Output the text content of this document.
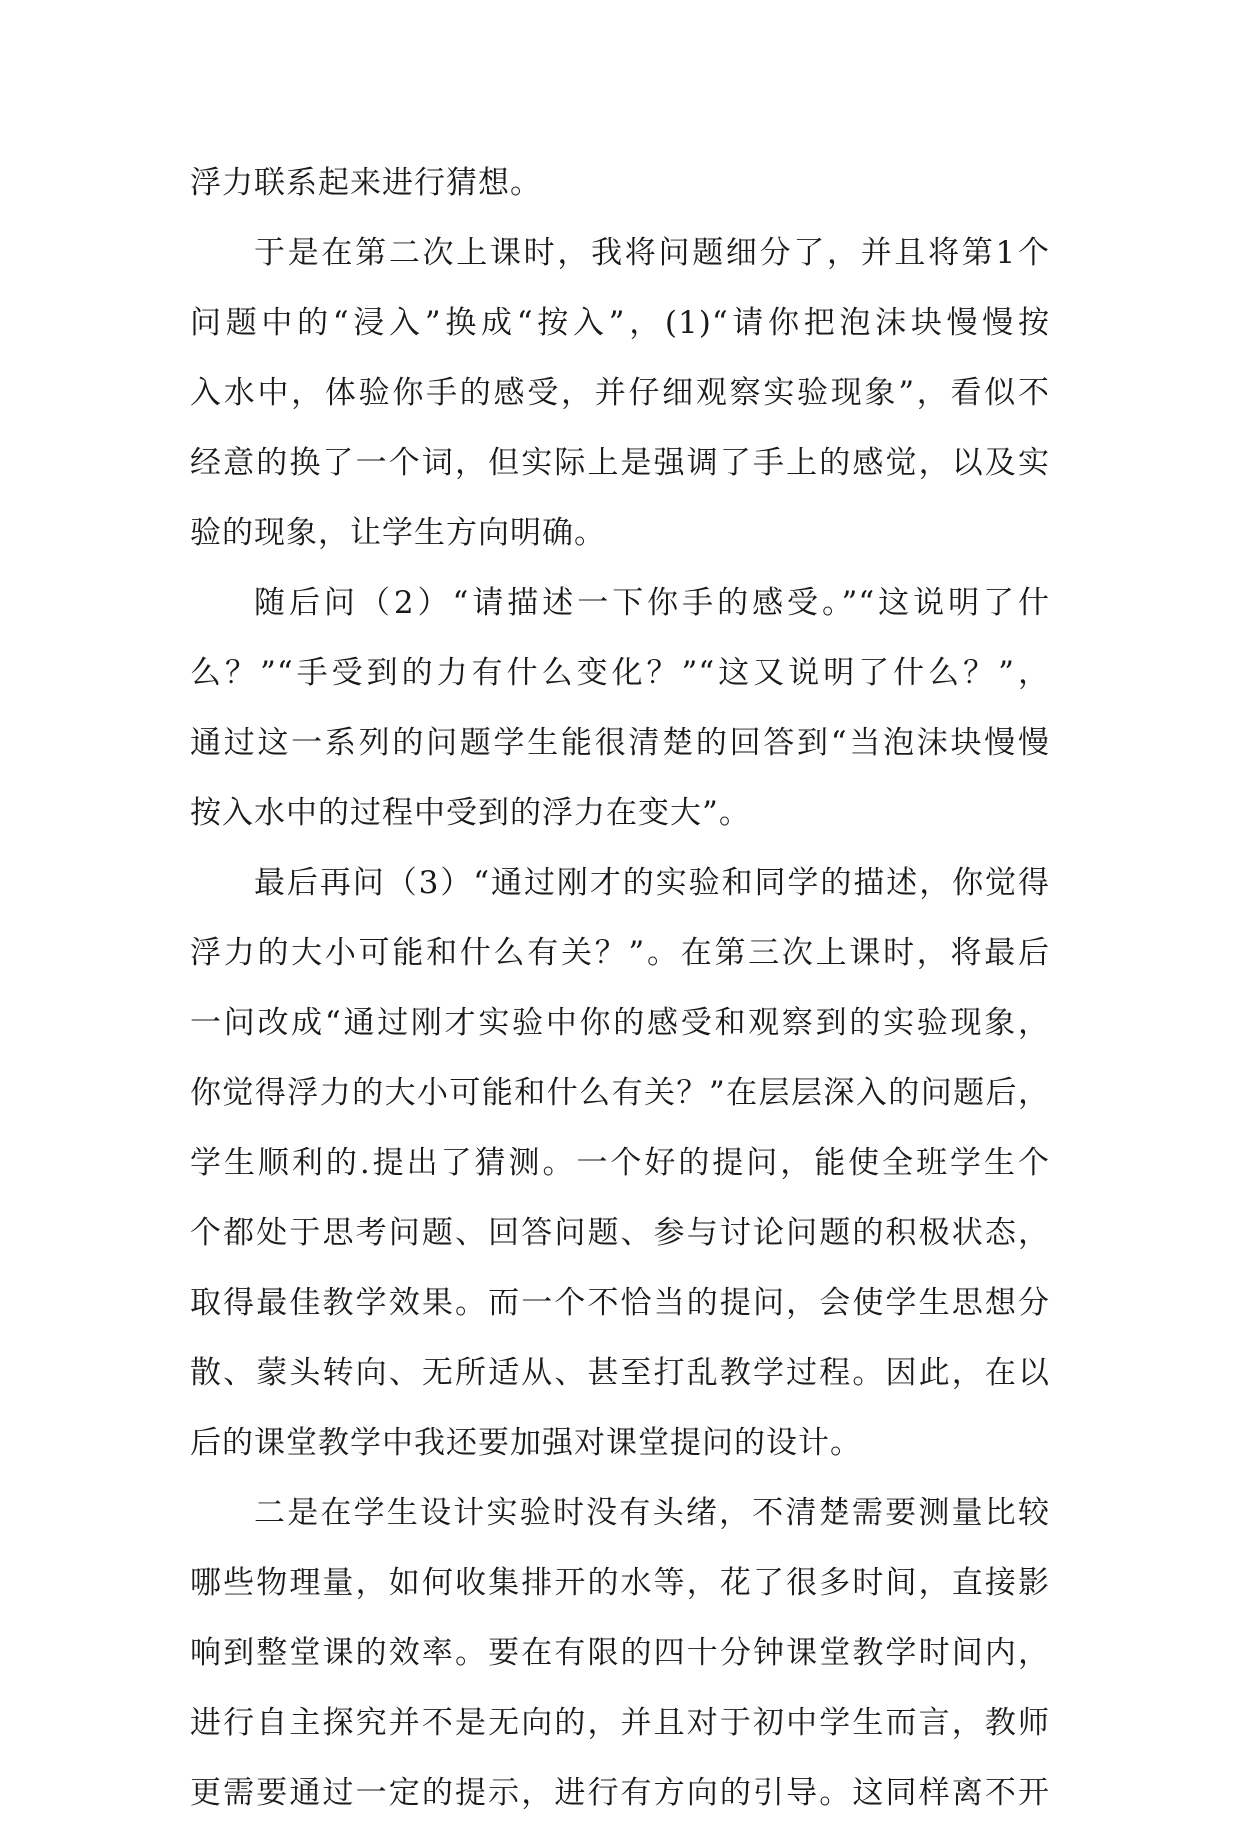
浮力联系起来进行猜想。
于是在第二次上课时，我将问题细分了，并且将第1个
问题中的“浸入”换成“按入”，(1)“请你把泡沫块慢慢按
入水中，体验你手的感受，并仔细观察实验现象”，看似不
经意的换了一个词，但实际上是强调了手上的感觉，以及实
验的现象，让学生方向明确。
随后问（2）“请描述一下你手的感受。”“这说明了什
么？”“手受到的力有什么变化？”“这又说明了什么？”，
通过这一系列的问题学生能很清楚的回答到“当泡沫块慢慢
按入水中的过程中受到的浮力在变大”。
最后再问（3）“通过刚才的实验和同学的描述，你觉得
浮力的大小可能和什么有关？”。在第三次上课时，将最后
一问改成“通过刚才实验中你的感受和观察到的实验现象，
你觉得浮力的大小可能和什么有关？”在层层深入的问题后，
学生顺利的.提出了猜测。一个好的提问，能使全班学生个
个都处于思考问题、回答问题、参与讨论问题的积极状态，
取得最佳教学效果。而一个不恰当的提问，会使学生思想分
散、蒙头转向、无所适从、甚至打乱教学过程。因此，在以
后的课堂教学中我还要加强对课堂提问的设计。
二是在学生设计实验时没有头绪，不清楚需要测量比较
哪些物理量，如何收集排开的水等，花了很多时间，直接影
响到整堂课的效率。要在有限的四十分钟课堂教学时间内，
进行自主探究并不是无向的，并且对于初中学生而言，教师
更需要通过一定的提示，进行有方向的引导。这同样离不开
